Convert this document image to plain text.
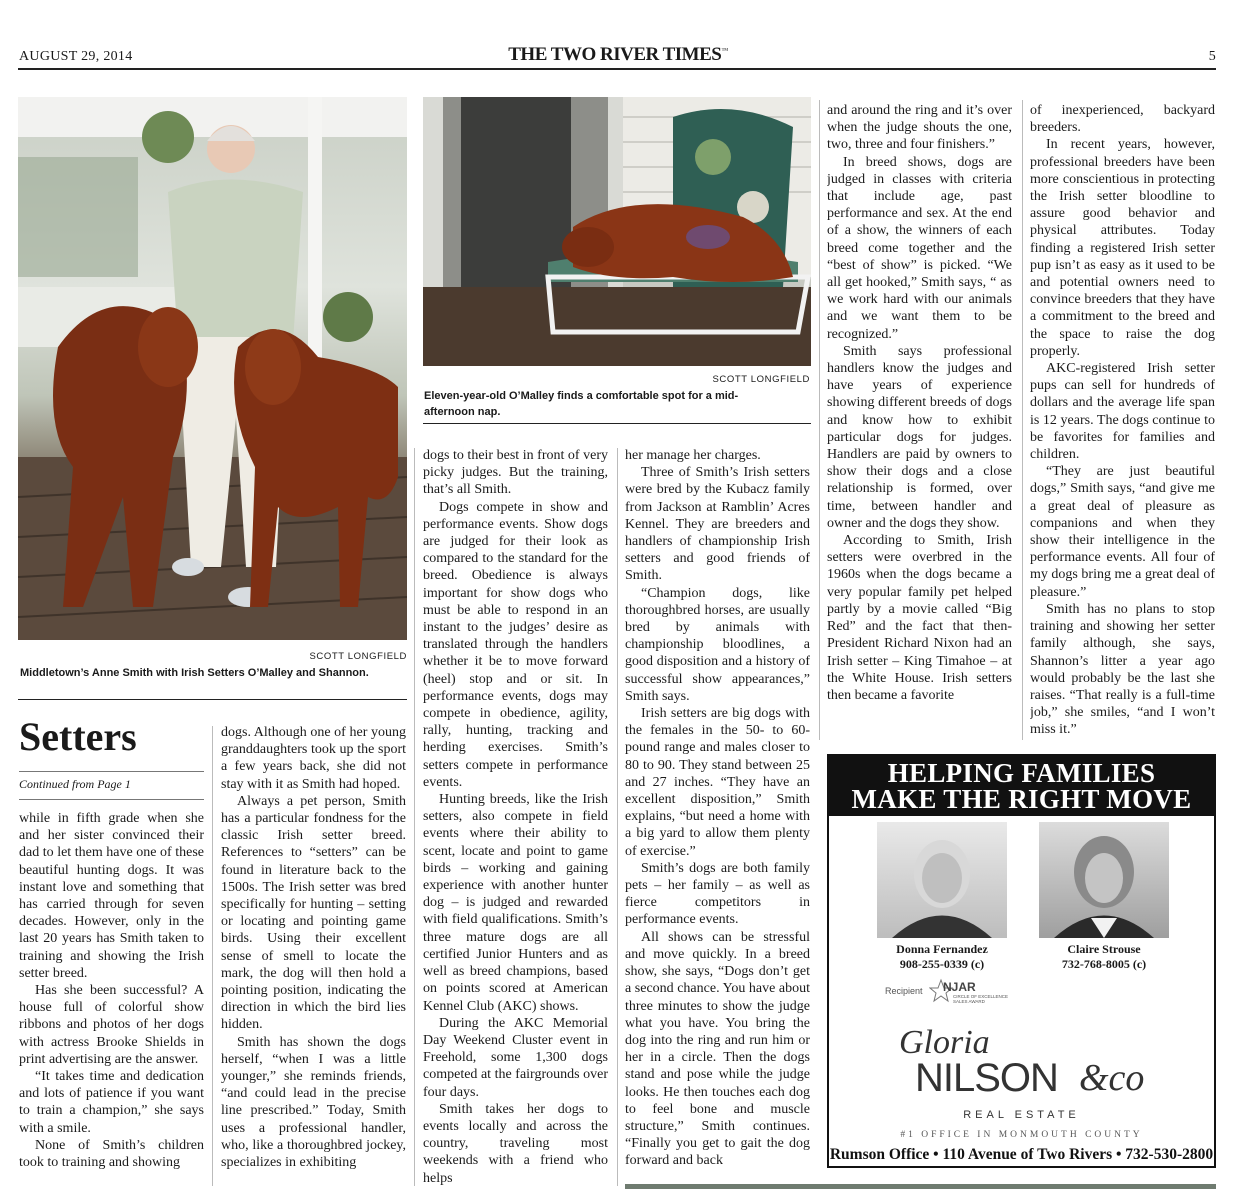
AUGUST 29, 2014	THE TWO RIVER TIMES™	5
SCOTT LONGFIELD
Middletown’s Anne Smith with Irish Setters O’Malley and Shannon.
SCOTT LONGFIELD
Eleven-year-old O’Malley finds a comfortable spot for a mid-afternoon nap.
Setters
Continued from Page 1

while in fifth grade when she and her sister convinced their dad to let them have one of these beautiful hunting dogs. It was instant love and something that has carried through for seven decades. However, only in the last 20 years has Smith taken to training and showing the Irish setter breed.

Has she been successful? A house full of colorful show ribbons and photos of her dogs with actress Brooke Shields in print advertising are the answer.

“It takes time and dedication and lots of patience if you want to train a champion,” she says with a smile.

None of Smith’s children took to training and showing

dogs. Although one of her young granddaughters took up the sport a few years back, she did not stay with it as Smith had hoped.

Always a pet person, Smith has a particular fondness for the classic Irish setter breed. References to “setters” can be found in literature back to the 1500s. The Irish setter was bred specifically for hunting – setting or locating and pointing game birds. Using their excellent sense of smell to locate the mark, the dog will then hold a pointing position, indicating the direction in which the bird lies hidden.

Smith has shown the dogs herself, “when I was a little younger,” she reminds friends, “and could lead in the precise line prescribed.” Today, Smith uses a professional handler, who, like a thoroughbred jockey, specializes in exhibiting

dogs to their best in front of very picky judges. But the training, that’s all Smith.

Dogs compete in show and performance events. Show dogs are judged for their look as compared to the standard for the breed. Obedience is always important for show dogs who must be able to respond in an instant to the judges’ desire as translated through the handlers whether it be to move forward (heel) stop and or sit. In performance events, dogs may compete in obedience, agility, rally, hunting, tracking and herding exercises. Smith’s setters compete in performance events.

Hunting breeds, like the Irish setters, also compete in field events where their ability to scent, locate and point to game birds – working and gaining experience with another hunter dog – is judged and rewarded with field qualifications. Smith’s three mature dogs are all certified Junior Hunters and as well as breed champions, based on points scored at American Kennel Club (AKC) shows.

During the AKC Memorial Day Weekend Cluster event in Freehold, some 1,300 dogs competed at the fairgrounds over four days.

Smith takes her dogs to events locally and across the country, traveling most weekends with a friend who helps

her manage her charges.

Three of Smith’s Irish setters were bred by the Kubacz family from Jackson at Ramblin’ Acres Kennel. They are breeders and handlers of championship Irish setters and good friends of Smith.

“Champion dogs, like thoroughbred horses, are usually bred by animals with championship bloodlines, a good disposition and a history of successful show appearances,” Smith says.

Irish setters are big dogs with the females in the 50- to 60-pound range and males closer to 80 to 90. They stand between 25 and 27 inches. “They have an excellent disposition,” Smith explains, “but need a home with a big yard to allow them plenty of exercise.”

Smith’s dogs are both family pets – her family – as well as fierce competitors in performance events.

All shows can be stressful and move quickly. In a breed show, she says, “Dogs don’t get a second chance. You have about three minutes to show the judge what you have. You bring the dog into the ring and run him or her in a circle. Then the dogs stand and pose while the judge looks. He then touches each dog to feel bone and muscle structure,” Smith continues. “Finally you get to gait the dog forward and back

and around the ring and it’s over when the judge shouts the one, two, three and four finishers.”

In breed shows, dogs are judged in classes with criteria that include age, past performance and sex. At the end of a show, the winners of each breed come together and the “best of show” is picked. “We all get hooked,” Smith says, “ as we work hard with our animals and we want them to be recognized.”

Smith says professional handlers know the judges and have years of experience showing different breeds of dogs and know how to exhibit particular dogs for judges. Handlers are paid by owners to show their dogs and a close relationship is formed, over time, between handler and owner and the dogs they show.

According to Smith, Irish setters were overbred in the 1960s when the dogs became a very popular family pet helped partly by a movie called “Big Red” and the fact that then-President Richard Nixon had an Irish setter – King Timahoe – at the White House. Irish setters then became a favorite

of inexperienced, backyard breeders.

In recent years, however, professional breeders have been more conscientious in protecting the Irish setter bloodline to assure good behavior and physical attributes. Today finding a registered Irish setter pup isn’t as easy as it used to be and potential owners need to convince breeders that they have a commitment to the breed and the space to raise the dog properly.

AKC-registered Irish setter pups can sell for hundreds of dollars and the average life span is 12 years. The dogs continue to be favorites for families and children.

“They are just beautiful dogs,” Smith says, “and give me a great deal of pleasure as companions and when they show their intelligence in the performance events. All four of my dogs bring me a great deal of pleasure.”

Smith has no plans to stop training and showing her setter family although, she says, Shannon’s litter a year ago would probably be the last she raises. “That really is a full-time job,” she smiles, “and I won’t miss it.”

HELPING FAMILIES
MAKE THE RIGHT MOVE
Donna Fernandez
908-255-0339 (c)
Claire Strouse
732-768-8005 (c)
Recipient NJAR
CIRCLE OF EXCELLENCE SALES AWARD
Gloria
NILSON &co
REAL ESTATE
#1 OFFICE IN MONMOUTH COUNTY
Rumson Office • 110 Avenue of Two Rivers • 732-530-2800
